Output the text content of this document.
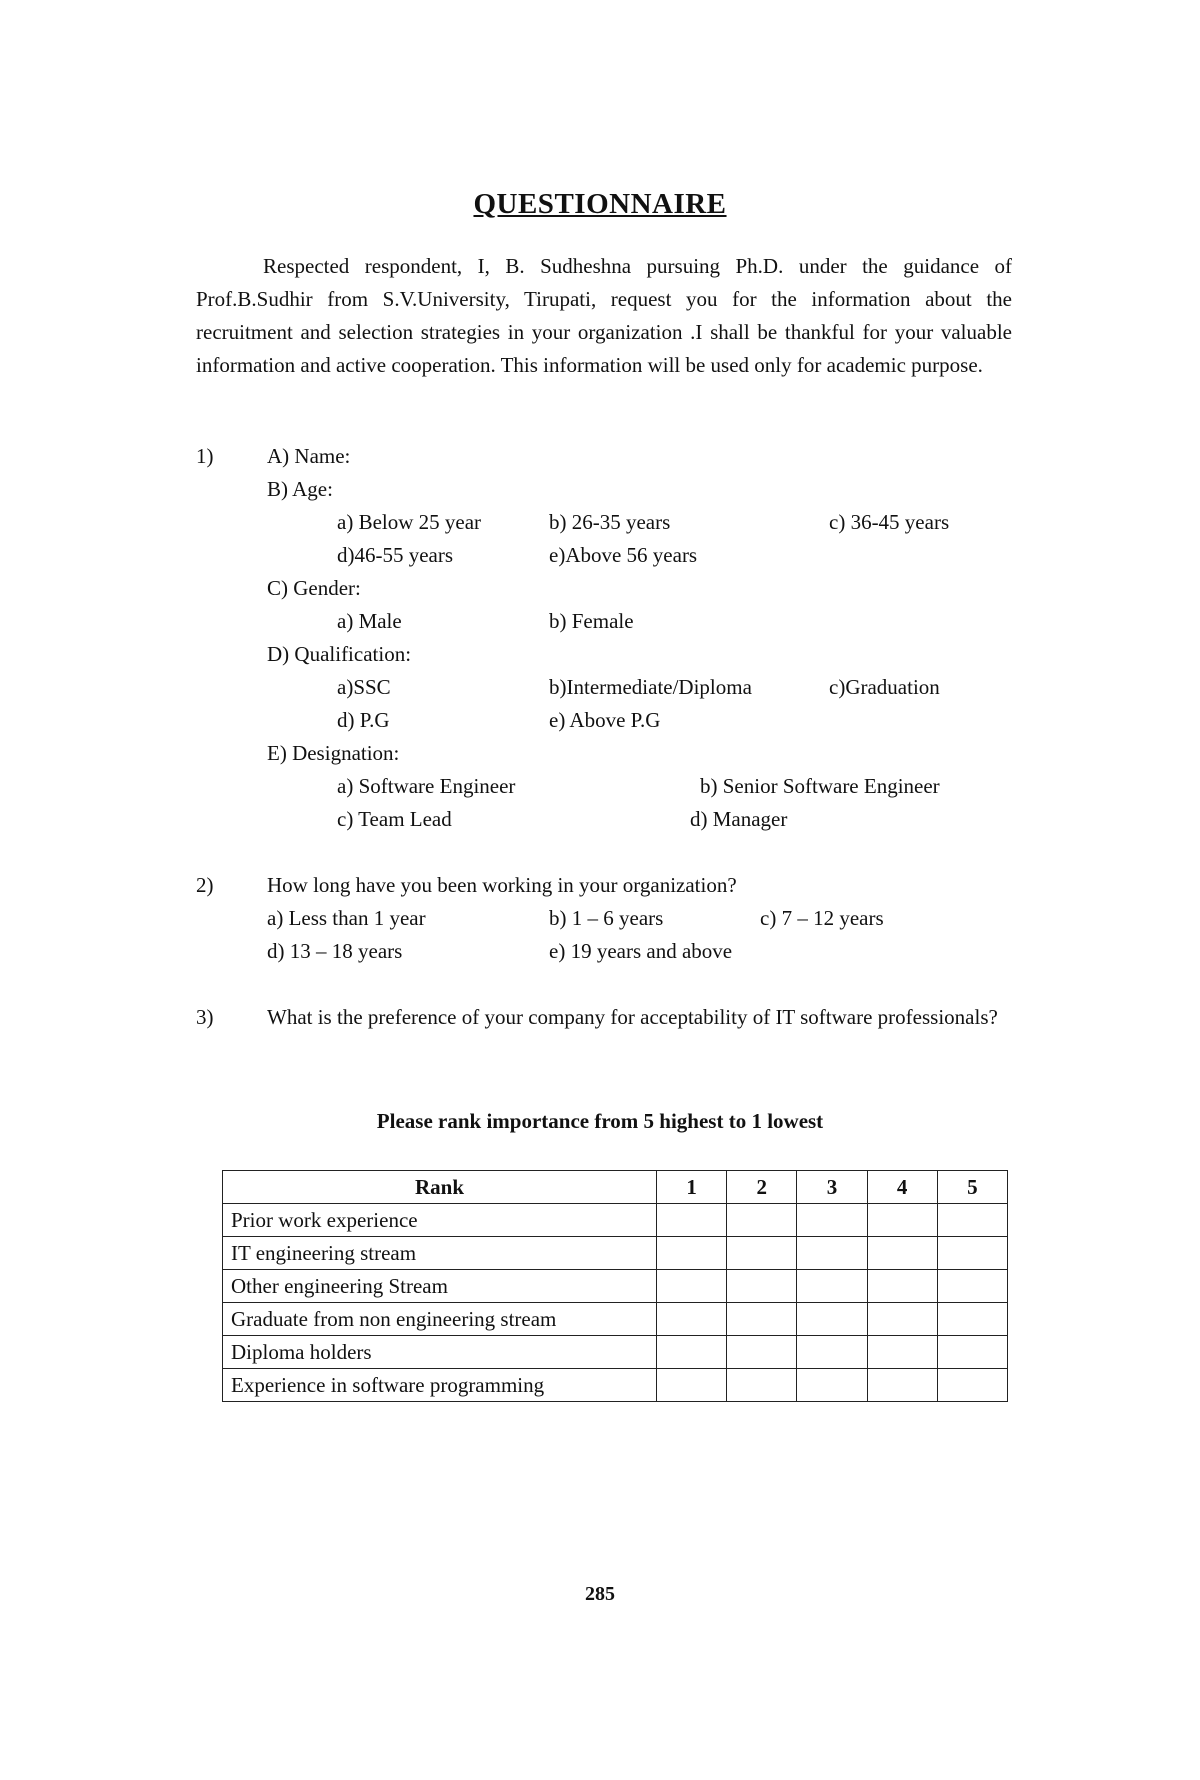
QUESTIONNAIRE
Respected respondent, I, B. Sudheshna pursuing Ph.D. under the guidance of Prof.B.Sudhir from S.V.University, Tirupati, request you for the information about the recruitment and selection strategies in your organization .I shall be thankful for your valuable information and active cooperation. This information will be used only for academic purpose.
1)	A) Name:
B) Age:
a) Below 25 year	b) 26-35 years	c) 36-45 years
d)46-55 years	e)Above 56 years
C) Gender:
a) Male	b) Female
D) Qualification:
a)SSC	b)Intermediate/Diploma	c)Graduation
d) P.G	e) Above P.G
E) Designation:
a) Software Engineer	b) Senior Software Engineer
c) Team Lead	d) Manager
2)	How long have you been working in your organization?
a) Less than 1 year	b) 1 – 6 years	c) 7 – 12 years
d) 13 – 18 years	e) 19 years and above
3)	What is the preference of your company for acceptability of IT software professionals?
Please rank importance from 5 highest to 1 lowest
Rank	1	2	3	4	5
Prior work experience					
IT engineering stream					
Other engineering Stream					
Graduate from non engineering stream					
Diploma holders					
Experience in software programming					
285
